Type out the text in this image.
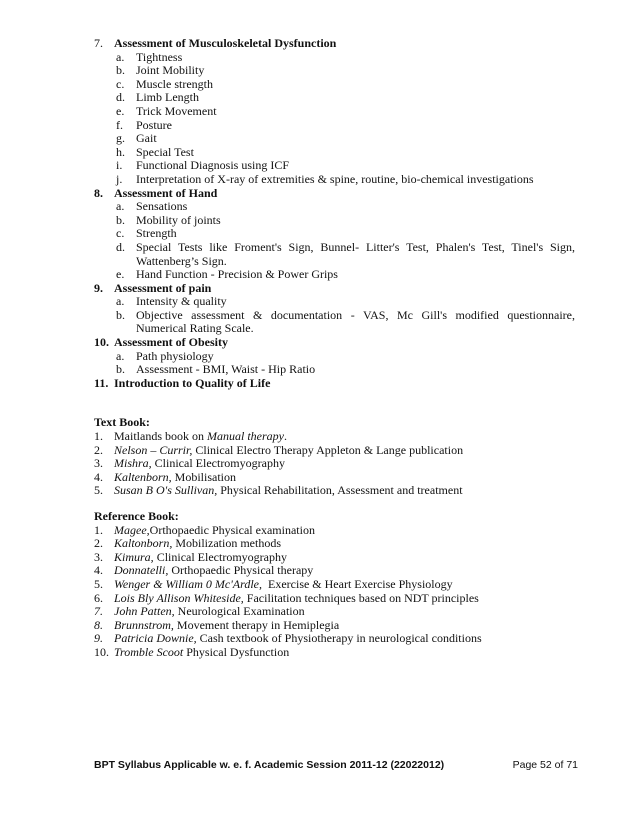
7. Assessment of Musculoskeletal Dysfunction
a. Tightness
b. Joint Mobility
c. Muscle strength
d. Limb Length
e. Trick Movement
f.	Posture
g. Gait
h. Special Test
i.	Functional Diagnosis using ICF
j.	Interpretation of X-ray of extremities & spine, routine, bio-chemical investigations
8. Assessment of Hand
a. Sensations
b. Mobility of joints
c. Strength
d. Special Tests like Froment's Sign, Bunnel- Litter's Test, Phalen's Test, Tinel's Sign, Wattenberg’s Sign.
e. Hand Function - Precision & Power Grips
9. Assessment of pain
a. Intensity & quality
b. Objective assessment & documentation - VAS, Mc Gill's modified questionnaire, Numerical Rating Scale.
10. Assessment of Obesity
a. Path physiology
b. Assessment - BMI, Waist - Hip Ratio
11. Introduction to Quality of Life
Text Book:
1. Maitlands book on Manual therapy.
2. Nelson – Currir, Clinical Electro Therapy Appleton & Lange publication
3. Mishra, Clinical Electromyography
4. Kaltenborn, Mobilisation
5. Susan B O's Sullivan, Physical Rehabilitation, Assessment and treatment
Reference Book:
1. Magee,Orthopaedic Physical examination
2. Kaltonborn, Mobilization methods
3. Kimura, Clinical Electromyography
4. Donnatelli, Orthopaedic Physical therapy
5. Wenger & William 0 Mc'Ardle,  Exercise & Heart Exercise Physiology
6. Lois Bly Allison Whiteside, Facilitation techniques based on NDT principles
7. John Patten, Neurological Examination
8. Brunnstrom, Movement therapy in Hemiplegia
9. Patricia Downie, Cash textbook of Physiotherapy in neurological conditions
10. Tromble Scoot Physical Dysfunction
BPT Syllabus Applicable w. e. f. Academic Session 2011-12 (22022012)	Page 52 of 71
